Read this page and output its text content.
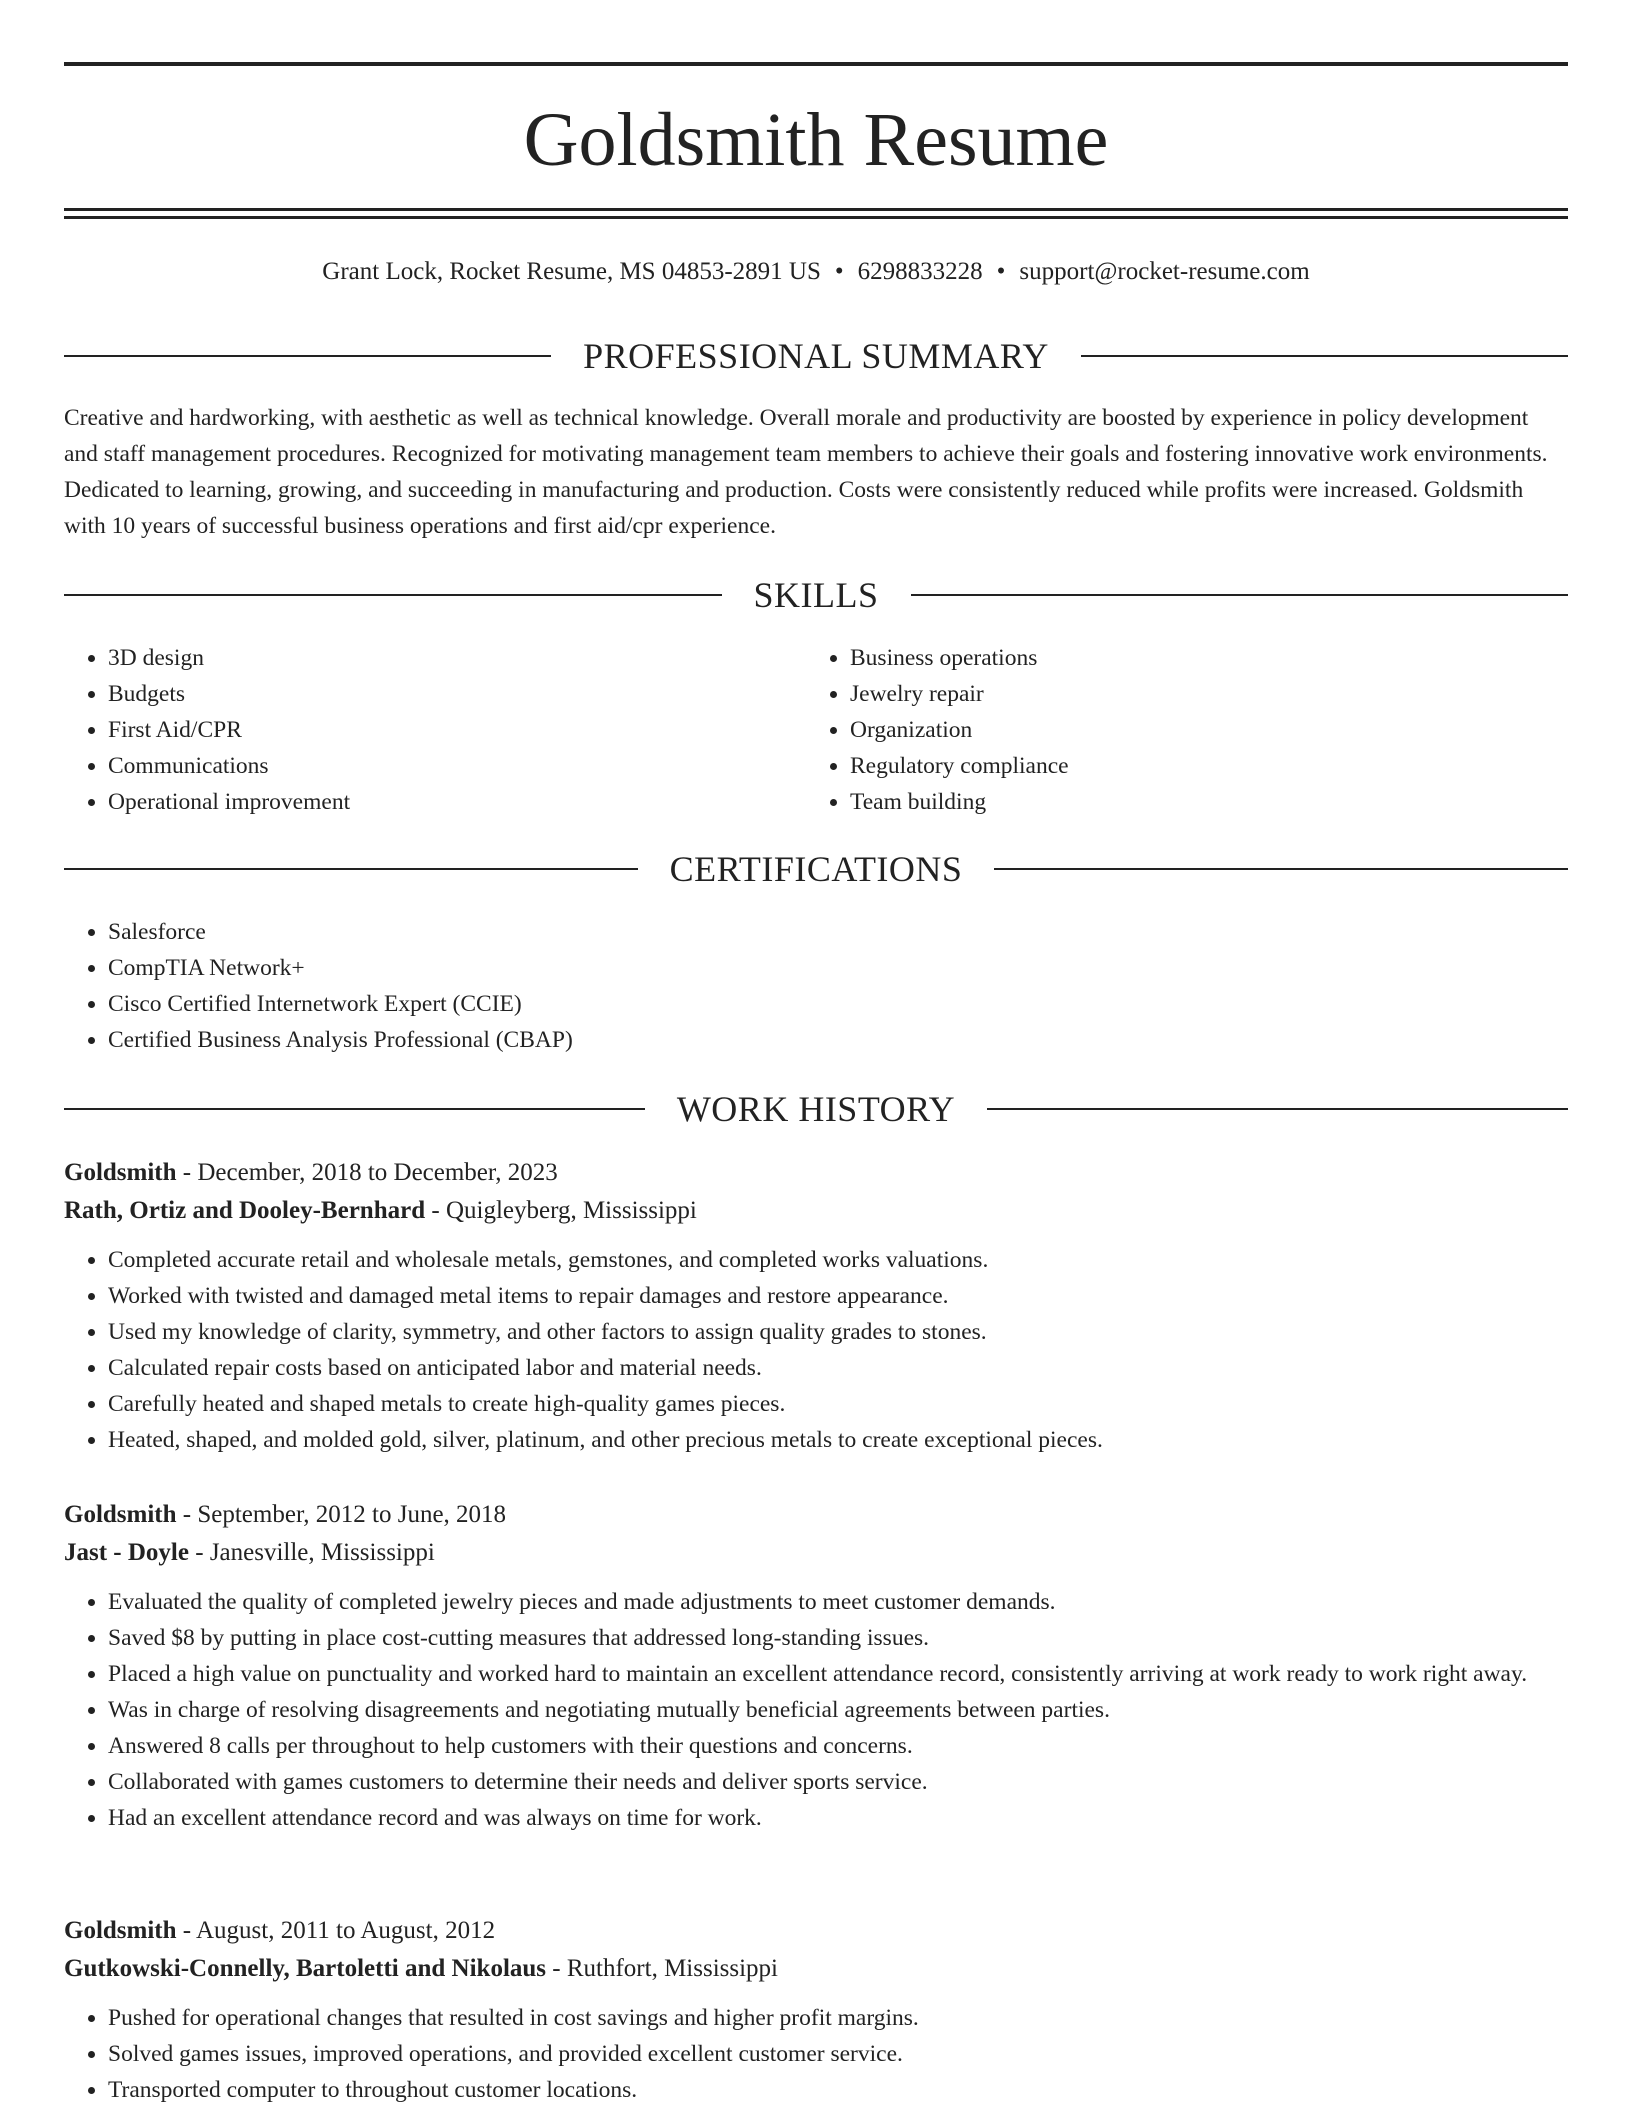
Goldsmith Resume
Grant Lock, Rocket Resume, MS 04853-2891 US • 6298833228 • support@rocket-resume.com
PROFESSIONAL SUMMARY

Creative and hardworking, with aesthetic as well as technical knowledge. Overall morale and productivity are boosted by experience in policy development and staff management procedures. Recognized for motivating management team members to achieve their goals and fostering innovative work environments. Dedicated to learning, growing, and succeeding in manufacturing and production. Costs were consistently reduced while profits were increased. Goldsmith with 10 years of successful business operations and first aid/cpr experience.

SKILLS
• 3D design
• Budgets
• First Aid/CPR
• Communications
• Operational improvement
• Business operations
• Jewelry repair
• Organization
• Regulatory compliance
• Team building
CERTIFICATIONS
• Salesforce
• CompTIA Network+
• Cisco Certified Internetwork Expert (CCIE)
• Certified Business Analysis Professional (CBAP)
WORK HISTORY
Goldsmith - December, 2018 to December, 2023
Rath, Ortiz and Dooley-Bernhard - Quigleyberg, Mississippi
• Completed accurate retail and wholesale metals, gemstones, and completed works valuations.
• Worked with twisted and damaged metal items to repair damages and restore appearance.
• Used my knowledge of clarity, symmetry, and other factors to assign quality grades to stones.
• Calculated repair costs based on anticipated labor and material needs.
• Carefully heated and shaped metals to create high-quality games pieces.
• Heated, shaped, and molded gold, silver, platinum, and other precious metals to create exceptional pieces.
Goldsmith - September, 2012 to June, 2018
Jast - Doyle - Janesville, Mississippi
• Evaluated the quality of completed jewelry pieces and made adjustments to meet customer demands.
• Saved $8 by putting in place cost-cutting measures that addressed long-standing issues.
• Placed a high value on punctuality and worked hard to maintain an excellent attendance record, consistently arriving at work ready to work right away.
• Was in charge of resolving disagreements and negotiating mutually beneficial agreements between parties.
• Answered 8 calls per throughout to help customers with their questions and concerns.
• Collaborated with games customers to determine their needs and deliver sports service.
• Had an excellent attendance record and was always on time for work.
Goldsmith - August, 2011 to August, 2012
Gutkowski-Connelly, Bartoletti and Nikolaus - Ruthfort, Mississippi
• Pushed for operational changes that resulted in cost savings and higher profit margins.
• Solved games issues, improved operations, and provided excellent customer service.
• Transported computer to throughout customer locations.
